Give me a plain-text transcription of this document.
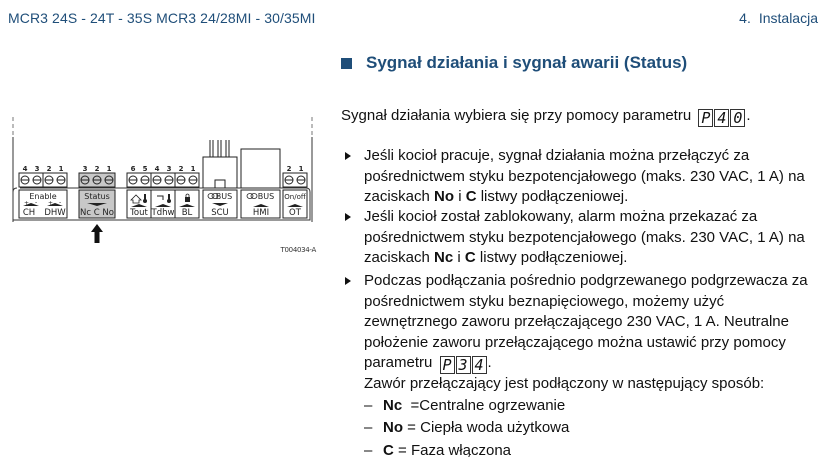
MCR3 24S - 24T - 35S MCR3 24/28MI - 30/35MI	4. Instalacja
Sygnał działania i sygnał awarii (Status)
Sygnał działania wybiera się przy pomocy parametru P 4 0 .
Jeśli kocioł pracuje, sygnał działania można przełączyć za pośrednictwem styku bezpotencjałowego (maks. 230 VAC, 1 A) na zaciskach No i C listwy podłączeniowej.
Jeśli kocioł został zablokowany, alarm można przekazać za pośrednictwem styku bezpotencjałowego (maks. 230 VAC, 1 A) na zaciskach Nc i C listwy podłączeniowej.
Podczas podłączania pośrednio podgrzewanego podgrzewacza za pośrednictwem styku beznapięciowego, możemy użyć zewnętrznego zaworu przełączającego 230 VAC, 1 A. Neutralne położenie zaworu przełączającego można ustawić przy pomocy parametru P 3 4 .
Zawór przełączający jest podłączony w następujący sposób:
– Nc  =Centralne ogrzewanie
– No = Ciepła woda użytkowa
– C = Faza włączona
4 3 2 1	3 2 1	6 5 4 3 2 1	2 1
Enable
CH DHW
Status
Nc C No Tout Tdhw BL
BUS
SCU
BUS
HMI
On/off
OT
+ - + -
T004034-A
